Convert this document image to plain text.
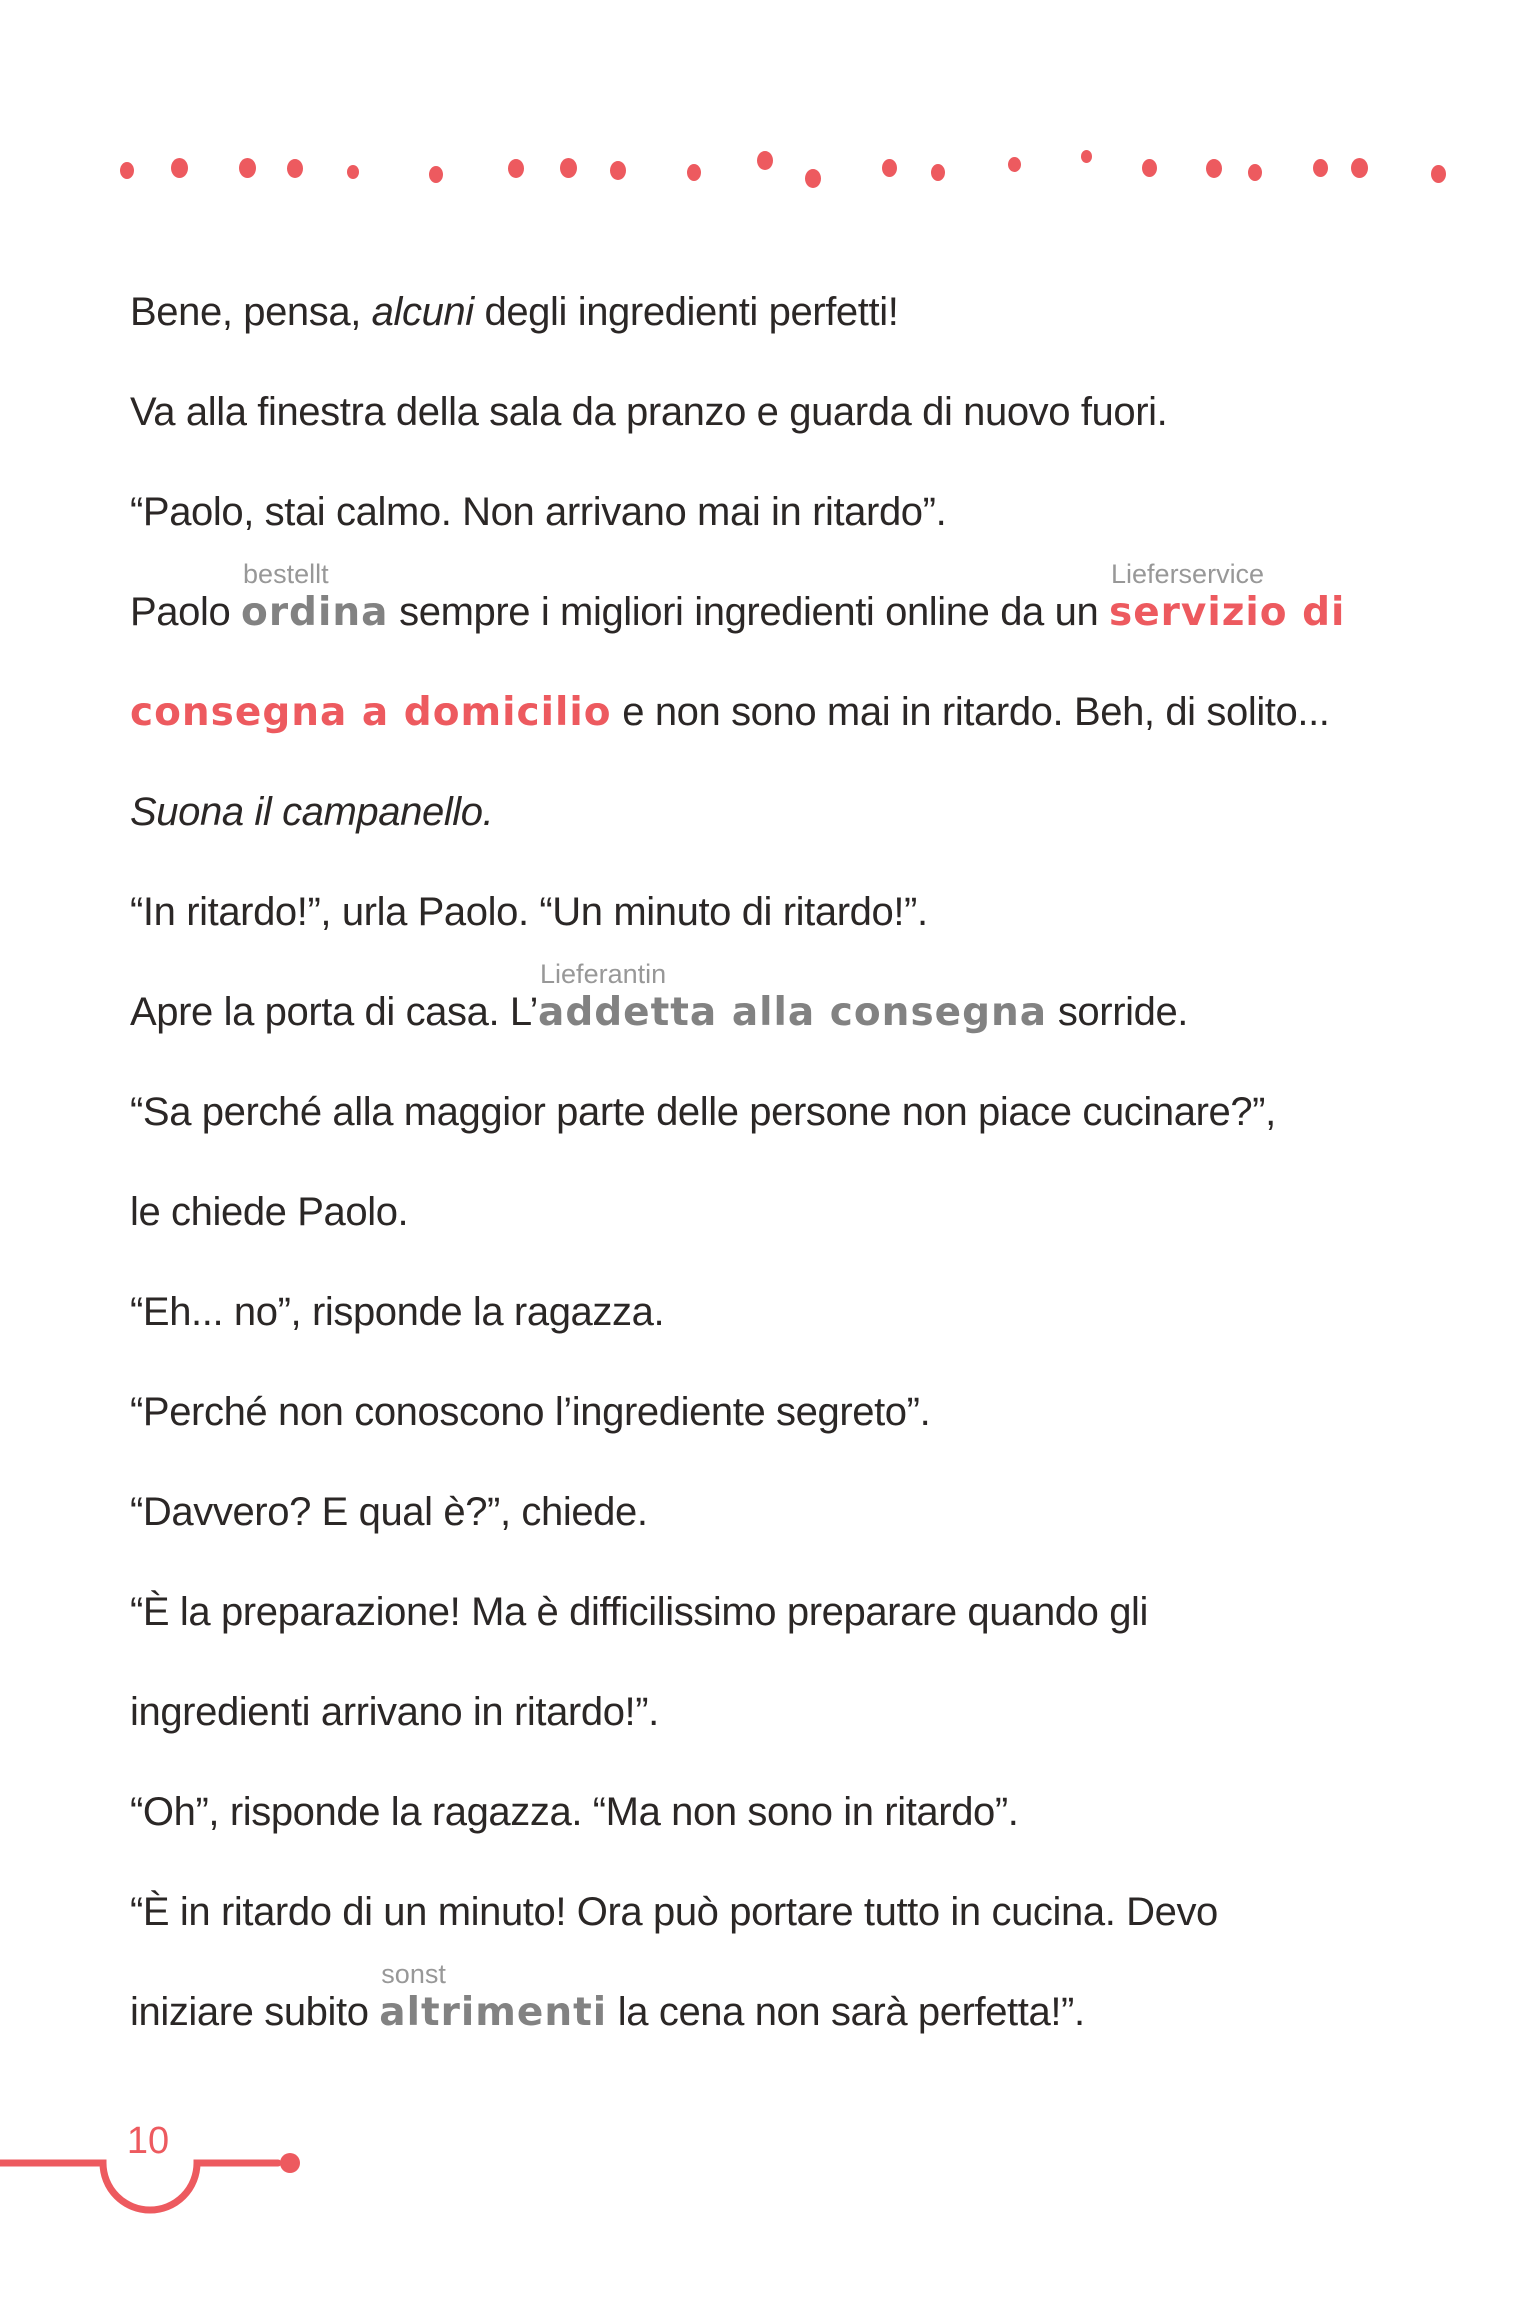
Bene, pensa, alcuni degli ingredienti perfetti!
Va alla finestra della sala da pranzo e guarda di nuovo fuori.
“Paolo, stai calmo. Non arrivano mai in ritardo”.
Paolo ordina
bestellt
sempre i migliori ingredienti online da un servizio di
Lieferservice
consegna a domicilio e non sono mai in ritardo. Beh, di solito...
Suona il campanello.
“In ritardo!”, urla Paolo. “Un minuto di ritardo!”.
Apre la porta di casa. L’addetta alla consegna
Lieferantin
sorride.
“Sa perché alla maggior parte delle persone non piace cucinare?”,
le chiede Paolo.
“Eh... no”, risponde la ragazza.
“Perché non conoscono l’ingrediente segreto”.
“Davvero? E qual è?”, chiede.
“È la preparazione! Ma è difficilissimo preparare quando gli
ingredienti arrivano in ritardo!”.
“Oh”, risponde la ragazza. “Ma non sono in ritardo”.
“È in ritardo di un minuto! Ora può portare tutto in cucina. Devo
iniziare subito altrimenti
sonst
la cena non sarà perfetta!”.
10
